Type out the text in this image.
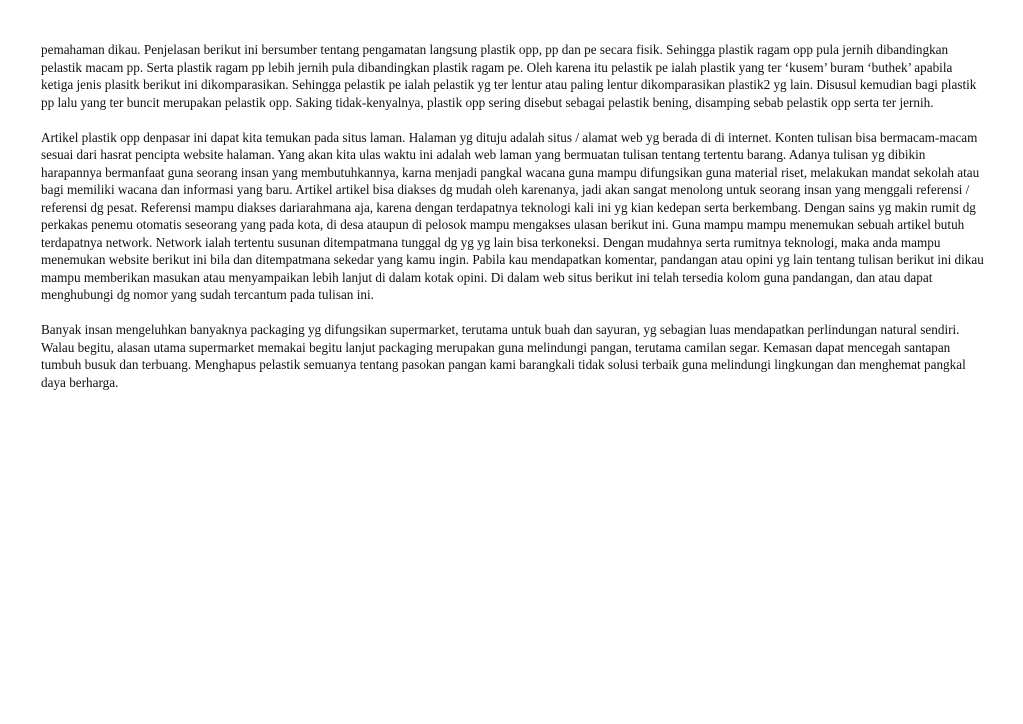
pemahaman dikau. Penjelasan berikut ini bersumber tentang pengamatan langsung plastik opp, pp dan pe secara fisik. Sehingga plastik ragam opp pula jernih dibandingkan pelastik macam pp. Serta plastik ragam pp lebih jernih pula dibandingkan plastik ragam pe. Oleh karena itu pelastik pe ialah plastik yang ter ‘kusem’ buram ‘buthek’ apabila ketiga jenis plasitk berikut ini dikomparasikan. Sehingga pelastik pe ialah pelastik yg ter lentur atau paling lentur dikomparasikan plastik2 yg lain. Disusul kemudian bagi plastik pp lalu yang ter buncit merupakan pelastik opp. Saking tidak-kenyalnya, plastik opp sering disebut sebagai pelastik bening, disamping sebab pelastik opp serta ter jernih.

Artikel plastik opp denpasar ini dapat kita temukan pada situs laman. Halaman yg dituju adalah situs / alamat web yg berada di di internet. Konten tulisan bisa bermacam-macam sesuai dari hasrat pencipta website halaman. Yang akan kita ulas waktu ini adalah web laman yang bermuatan tulisan tentang tertentu barang. Adanya tulisan yg dibikin harapannya bermanfaat guna seorang insan yang membutuhkannya, karna menjadi pangkal wacana guna mampu difungsikan guna material riset, melakukan mandat sekolah atau bagi memiliki wacana dan informasi yang baru. Artikel artikel bisa diakses dg mudah oleh karenanya, jadi akan sangat menolong untuk seorang insan yang menggali referensi / referensi dg pesat. Referensi mampu diakses dariarahmana aja, karena dengan terdapatnya teknologi kali ini yg kian kedepan serta berkembang. Dengan sains yg makin rumit dg perkakas penemu otomatis seseorang yang pada kota, di desa ataupun di pelosok mampu mengakses ulasan berikut ini. Guna mampu mampu menemukan sebuah artikel butuh terdapatnya network. Network ialah tertentu susunan ditempatmana tunggal dg yg yg lain bisa terkoneksi. Dengan mudahnya serta rumitnya teknologi, maka anda mampu menemukan website berikut ini bila dan ditempatmana sekedar yang kamu ingin. Pabila kau mendapatkan komentar, pandangan atau opini yg lain tentang tulisan berikut ini dikau mampu memberikan masukan atau menyampaikan lebih lanjut di dalam kotak opini. Di dalam web situs berikut ini telah tersedia kolom guna pandangan, dan atau dapat menghubungi dg nomor yang sudah tercantum pada tulisan ini.

Banyak insan mengeluhkan banyaknya packaging yg difungsikan supermarket, terutama untuk buah dan sayuran, yg sebagian luas mendapatkan perlindungan natural sendiri. Walau begitu, alasan utama supermarket memakai begitu lanjut packaging merupakan guna melindungi pangan, terutama camilan segar. Kemasan dapat mencegah santapan tumbuh busuk dan terbuang. Menghapus pelastik semuanya tentang pasokan pangan kami barangkali tidak solusi terbaik guna melindungi lingkungan dan menghemat pangkal daya berharga.
